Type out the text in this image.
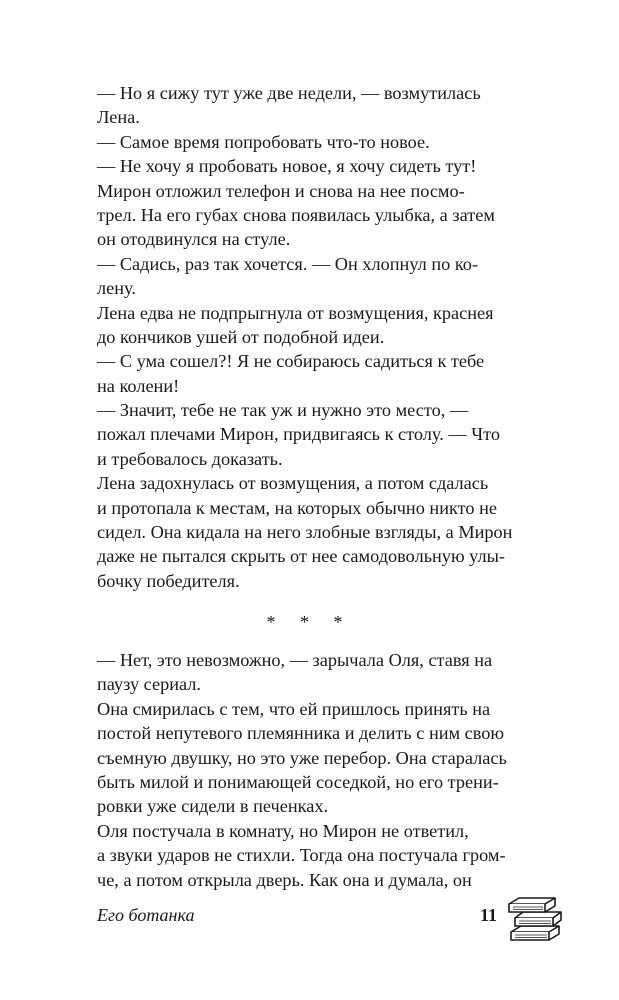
— Но я сижу тут уже две недели, — возмутилась
Лена.
— Самое время попробовать что-то новое.
— Не хочу я пробовать новое, я хочу сидеть тут!
Мирон отложил телефон и снова на нее посмо-
трел. На его губах снова появилась улыбка, а затем
он отодвинулся на стуле.
— Садись, раз так хочется. — Он хлопнул по ко-
лену.
Лена едва не подпрыгнула от возмущения, краснея
до кончиков ушей от подобной идеи.
— С ума сошел?! Я не собираюсь садиться к тебе
на колени!
— Значит, тебе не так уж и нужно это место, —
пожал плечами Мирон, придвигаясь к столу. — Что
и требовалось доказать.
Лена задохнулась от возмущения, а потом сдалась
и протопала к местам, на которых обычно никто не
сидел. Она кидала на него злобные взгляды, а Мирон
даже не пытался скрыть от нее самодовольную улы-
бочку победителя.
* * *
— Нет, это невозможно, — зарычала Оля, ставя на
паузу сериал.
Она смирилась с тем, что ей пришлось принять на
постой непутевого племянника и делить с ним свою
съемную двушку, но это уже перебор. Она старалась
быть милой и понимающей соседкой, но его трени-
ровки уже сидели в печенках.
Оля постучала в комнату, но Мирон не ответил,
а звуки ударов не стихли. Тогда она постучала гром-
че, а потом открыла дверь. Как она и думала, он
Его ботанка	11
